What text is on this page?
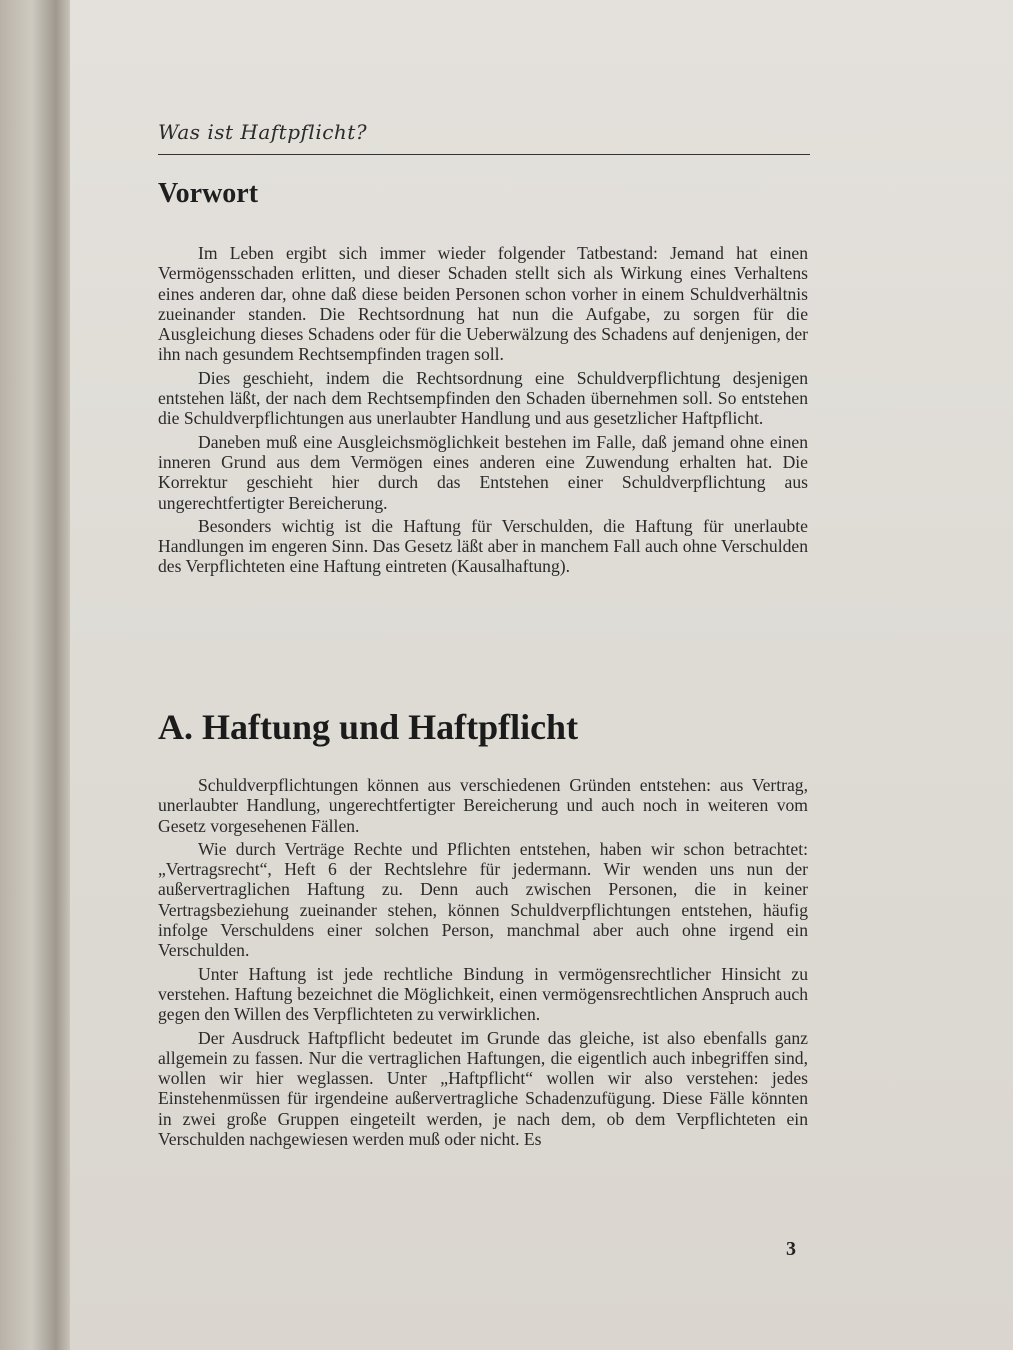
Was ist Haftpflicht?

Vorwort

Im Leben ergibt sich immer wieder folgender Tatbestand: Jemand hat einen Vermögensschaden erlitten, und dieser Schaden stellt sich als Wirkung eines Verhaltens eines anderen dar, ohne daß diese beiden Personen schon vorher in einem Schuldverhältnis zueinander standen. Die Rechtsordnung hat nun die Aufgabe, zu sorgen für die Ausgleichung dieses Schadens oder für die Ueberwälzung des Schadens auf denjenigen, der ihn nach gesundem Rechtsempfinden tragen soll.

Dies geschieht, indem die Rechtsordnung eine Schuldverpflichtung desjenigen entstehen läßt, der nach dem Rechtsempfinden den Schaden übernehmen soll. So entstehen die Schuldverpflichtungen aus unerlaubter Handlung und aus gesetzlicher Haftpflicht.

Daneben muß eine Ausgleichsmöglichkeit bestehen im Falle, daß jemand ohne einen inneren Grund aus dem Vermögen eines anderen eine Zuwendung erhalten hat. Die Korrektur geschieht hier durch das Entstehen einer Schuldverpflichtung aus ungerechtfertigter Bereicherung.

Besonders wichtig ist die Haftung für Verschulden, die Haftung für unerlaubte Handlungen im engeren Sinn. Das Gesetz läßt aber in manchem Fall auch ohne Verschulden des Verpflichteten eine Haftung eintreten (Kausalhaftung).

A. Haftung und Haftpflicht

Schuldverpflichtungen können aus verschiedenen Gründen entstehen: aus Vertrag, unerlaubter Handlung, ungerechtfertigter Bereicherung und auch noch in weiteren vom Gesetz vorgesehenen Fällen.

Wie durch Verträge Rechte und Pflichten entstehen, haben wir schon betrachtet: „Vertragsrecht“, Heft 6 der Rechtslehre für jedermann. Wir wenden uns nun der außervertraglichen Haftung zu. Denn auch zwischen Personen, die in keiner Vertragsbeziehung zueinander stehen, können Schuldverpflichtungen entstehen, häufig infolge Verschuldens einer solchen Person, manchmal aber auch ohne irgend ein Verschulden.

Unter Haftung ist jede rechtliche Bindung in vermögensrechtlicher Hinsicht zu verstehen. Haftung bezeichnet die Möglichkeit, einen vermögensrechtlichen Anspruch auch gegen den Willen des Verpflichteten zu verwirklichen.

Der Ausdruck Haftpflicht bedeutet im Grunde das gleiche, ist also ebenfalls ganz allgemein zu fassen. Nur die vertraglichen Haftungen, die eigentlich auch inbegriffen sind, wollen wir hier weglassen. Unter „Haftpflicht“ wollen wir also verstehen: jedes Einstehenmüssen für irgendeine außervertragliche Schadenzufügung. Diese Fälle könnten in zwei große Gruppen eingeteilt werden, je nach dem, ob dem Verpflichteten ein Verschulden nachgewiesen werden muß oder nicht. Es

3
